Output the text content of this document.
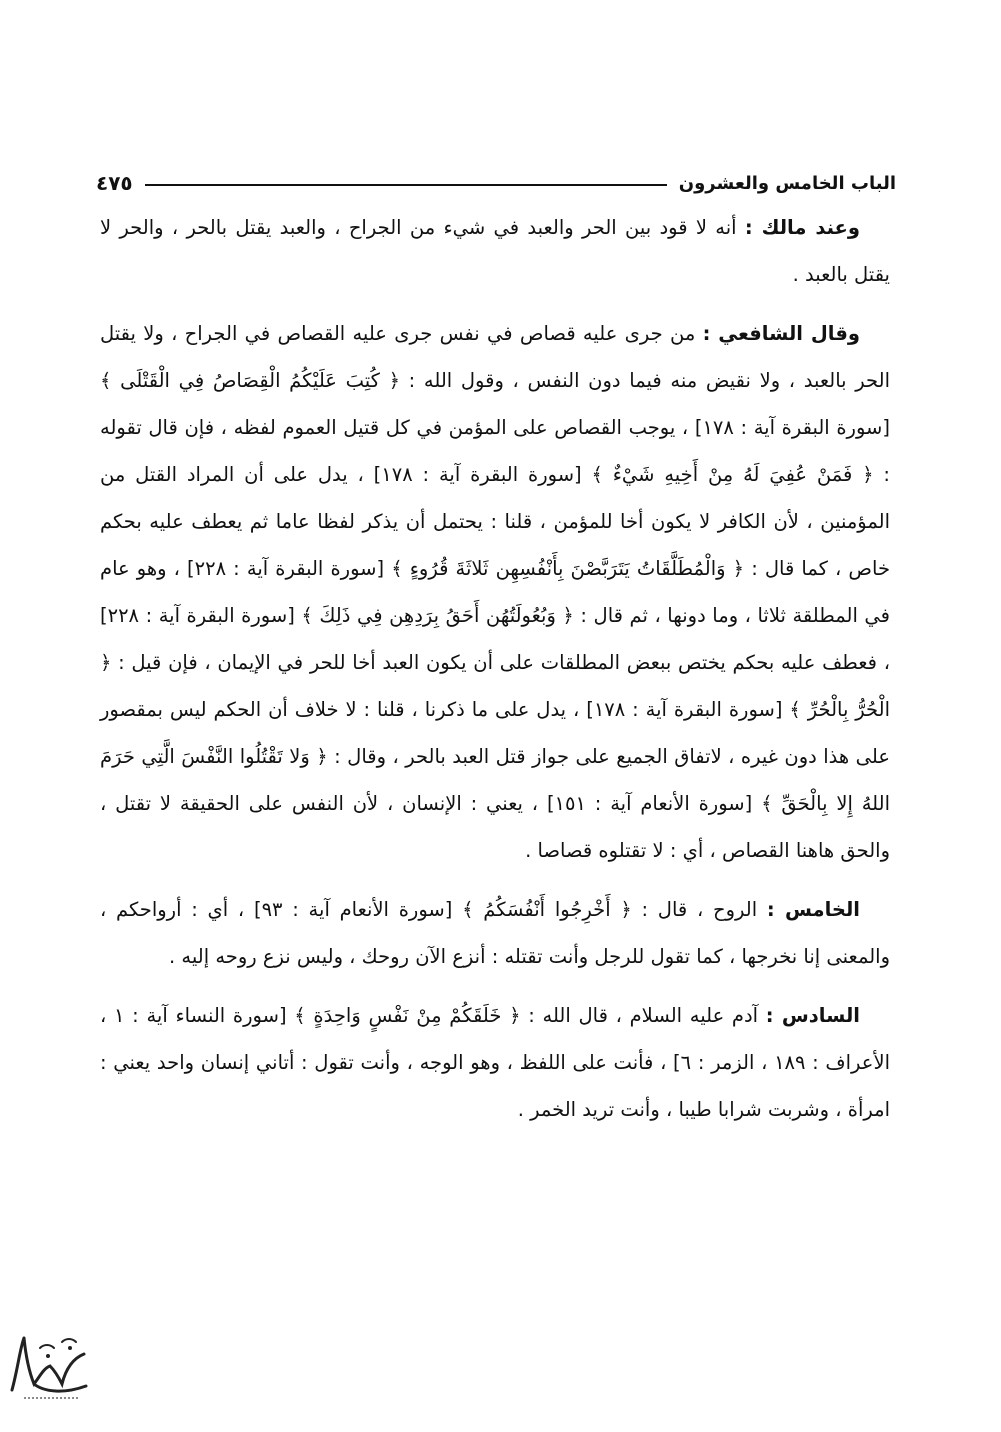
الباب الخامس والعشرون
٤٧٥

وعند مالك : أنه لا قود بين الحر والعبد في شيء من الجراح ، والعبد يقتل بالحر ، والحر لا يقتل بالعبد .

وقال الشافعي : من جرى عليه قصاص في نفس جرى عليه القصاص في الجراح ، ولا يقتل الحر بالعبد ، ولا نقيض منه فيما دون النفس ، وقول الله : ﴿ كُتِبَ عَلَيْكُمُ الْقِصَاصُ فِي الْقَتْلَى ﴾ [سورة البقرة آية : ١٧٨] ، يوجب القصاص على المؤمن في كل قتيل العموم لفظه ، فإن قال تقوله : ﴿ فَمَنْ عُفِيَ لَهُ مِنْ أَخِيهِ شَيْءٌ ﴾ [سورة البقرة آية : ١٧٨] ، يدل على أن المراد القتل من المؤمنين ، لأن الكافر لا يكون أخا للمؤمن ، قلنا : يحتمل أن يذكر لفظا عاما ثم يعطف عليه بحكم خاص ، كما قال : ﴿ وَالْمُطَلَّقَاتُ يَتَرَبَّصْنَ بِأَنْفُسِهِن ثَلاثَةَ قُرُوءٍ ﴾ [سورة البقرة آية : ٢٢٨] ، وهو عام في المطلقة ثلاثا ، وما دونها ، ثم قال : ﴿ وَبُعُولَتُهُن أَحَقُ بِرَدِهِن فِي ذَلِكَ ﴾ [سورة البقرة آية : ٢٢٨] ، فعطف عليه بحكم يختص ببعض المطلقات على أن يكون العبد أخا للحر في الإيمان ، فإن قيل : ﴿ الْحُرُّ بِالْحُرِّ ﴾ [سورة البقرة آية : ١٧٨] ، يدل على ما ذكرنا ، قلنا : لا خلاف أن الحكم ليس بمقصور على هذا دون غيره ، لاتفاق الجميع على جواز قتل العبد بالحر ، وقال : ﴿ وَلا تَقْتُلُوا النَّفْسَ الَّتِي حَرَمَ اللهُ إِلا بِالْحَقِّ ﴾ [سورة الأنعام آية : ١٥١] ، يعني : الإنسان ، لأن النفس على الحقيقة لا تقتل ، والحق هاهنا القصاص ، أي : لا تقتلوه قصاصا .

الخامس : الروح ، قال : ﴿ أَخْرِجُوا أَنْفُسَكُمُ ﴾ [سورة الأنعام آية : ٩٣] ، أي : أرواحكم ، والمعنى إنا نخرجها ، كما تقول للرجل وأنت تقتله : أنزع الآن روحك ، وليس نزع روحه إليه .

السادس : آدم عليه السلام ، قال الله : ﴿ خَلَقَكُمْ مِنْ نَفْسٍ وَاحِدَةٍ ﴾ [سورة النساء آية : ١ ، الأعراف : ١٨٩ ، الزمر : ٦] ، فأنت على اللفظ ، وهو الوجه ، وأنت تقول : أتاني إنسان واحد يعني : امرأة ، وشربت شرابا طيبا ، وأنت تريد الخمر .
